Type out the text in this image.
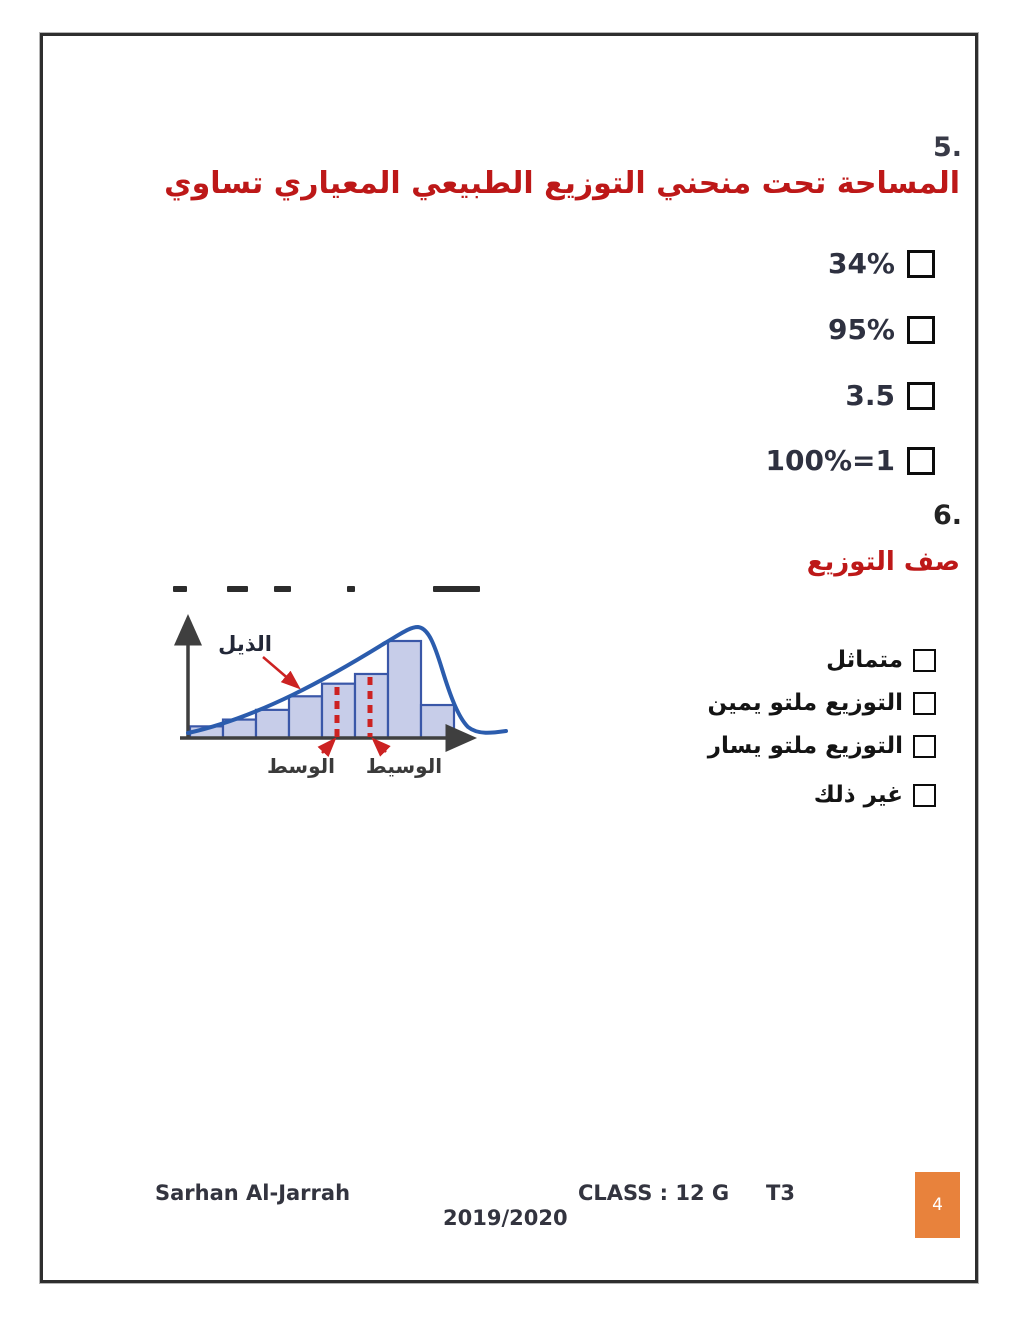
5.
المساحة تحت منحني التوزيع الطبيعي المعياري تساوي
34%
95%
3.5
100%=1
6.
صف التوزيع
الذيل
الوسط الوسيط
متماثل
التوزيع ملتو يمين
التوزيع ملتو يسار
غير ذلك
Sarhan Al-Jarrah	CLASS : 12 G T3
2019/2020
4
